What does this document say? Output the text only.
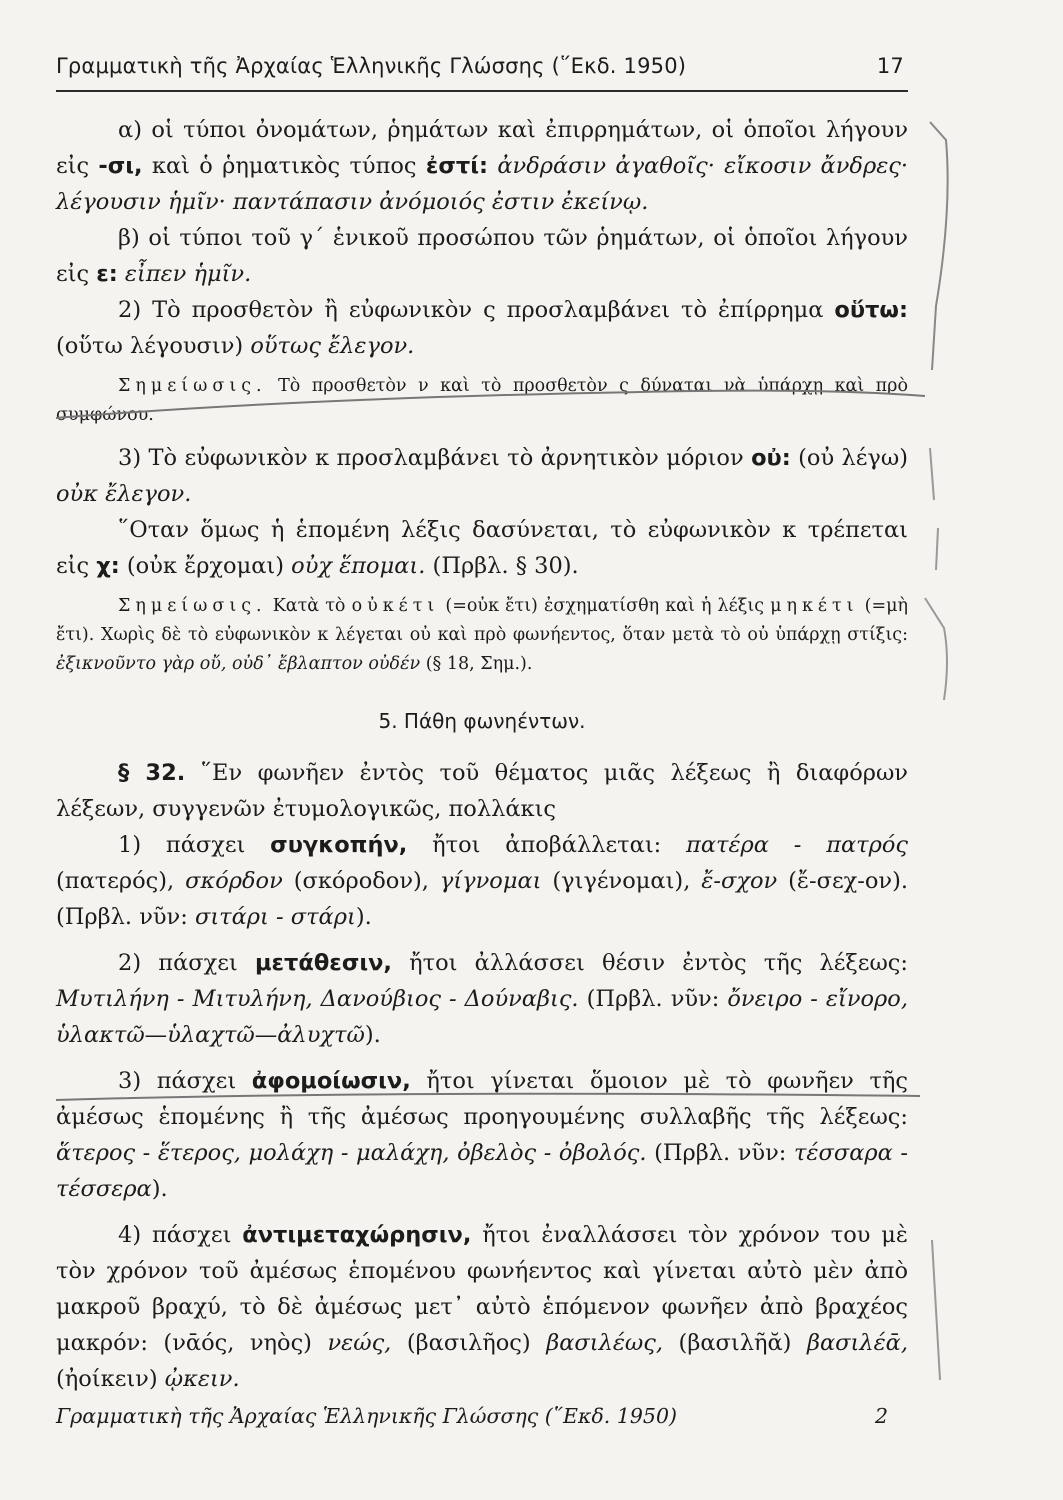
Γραμματικὴ τῆς Ἀρχαίας Ἑλληνικῆς Γλώσσης (῞Εκδ. 1950)	17

α) οἱ τύποι ὀνομάτων, ῥημάτων καὶ ἐπιρρημάτων, οἱ ὁποῖοι λήγουν εἰς -σι, καὶ ὁ ῥηματικὸς τύπος ἐστί: ἀνδράσιν ἀγαθοῖς· εἴκοσιν ἄνδρες· λέγουσιν ἡμῖν· παντάπασιν ἀνόμοιός ἐστιν ἐκείνῳ.

β) οἱ τύποι τοῦ γ΄ ἑνικοῦ προσώπου τῶν ῥημάτων, οἱ ὁποῖοι λήγουν εἰς ε: εἶπεν ἡμῖν.

2) Τὸ προσθετὸν ἢ εὐφωνικὸν ς προσλαμβάνει τὸ ἐπίρρημα οὕτω: (οὕτω λέγουσιν) οὕτως ἔλεγον.

Σημείωσις. Τὸ προσθετὸν ν καὶ τὸ προσθετὸν ς δύναται νὰ ὑπάρχῃ καὶ πρὸ συμφώνου.

3) Τὸ εὐφωνικὸν κ προσλαμβάνει τὸ ἀρνητικὸν μόριον οὐ: (οὐ λέγω) οὐκ ἔλεγον.

῞Οταν ὅμως ἡ ἑπομένη λέξις δασύνεται, τὸ εὐφωνικὸν κ τρέπεται εἰς χ: (οὐκ ἔρχομαι) οὐχ ἕπομαι. (Πρβλ. § 30).

Σημείωσις. Κατὰ τὸ οὐκέτι (=οὐκ ἔτι) ἐσχηματίσθη καὶ ἡ λέξις μηκέτι (=μὴ ἔτι). Χωρὶς δὲ τὸ εὐφωνικὸν κ λέγεται οὐ καὶ πρὸ φωνήεντος, ὅταν μετὰ τὸ οὐ ὑπάρχῃ στίξις: ἐξικνοῦντο γὰρ οὔ, οὐδ᾽ ἔβλαπτον οὐδέν (§ 18, Σημ.).

5. Πάθη φωνηέντων.

§ 32. ῞Εν φωνῆεν ἐντὸς τοῦ θέματος μιᾶς λέξεως ἢ διαφόρων λέξεων, συγγενῶν ἐτυμολογικῶς, πολλάκις

1) πάσχει συγκοπήν, ἤτοι ἀποβάλλεται: πατέρα - πατρός (πατερός), σκόρδον (σκόροδον), γίγνομαι (γιγένομαι), ἔ-σχον (ἔ-σεχ-ον). (Πρβλ. νῦν: σιτάρι - στάρι).

2) πάσχει μετάθεσιν, ἤτοι ἀλλάσσει θέσιν ἐντὸς τῆς λέξεως: Μυτιλήνη - Μιτυλήνη, Δανούβιος - Δούναβις. (Πρβλ. νῦν: ὄνειρο - εἴνορο, ὑλακτῶ—ὑλαχτῶ—ἀλυχτῶ).

3) πάσχει ἀφομοίωσιν, ἤτοι γίνεται ὅμοιον μὲ τὸ φωνῆεν τῆς ἀμέσως ἑπομένης ἢ τῆς ἀμέσως προηγουμένης συλλαβῆς τῆς λέξεως: ἅτερος - ἕτερος, μολάχη - μαλάχη, ὀβελὸς - ὀβολός. (Πρβλ. νῦν: τέσσαρα - τέσσερα).

4) πάσχει ἀντιμεταχώρησιν, ἤτοι ἐναλλάσσει τὸν χρόνον του μὲ τὸν χρόνον τοῦ ἀμέσως ἑπομένου φωνήεντος καὶ γίνεται αὐτὸ μὲν ἀπὸ μακροῦ βραχύ, τὸ δὲ ἀμέσως μετ᾽ αὐτὸ ἑπόμενον φωνῆεν ἀπὸ βραχέος μακρόν: (νᾱός, νηὸς) νεώς, (βασιλῆος) βασιλέως, (βασιλῆᾰ) βασιλέᾱ, (ἠοίκειν) ᾠκειν.

Γραμματικὴ τῆς Ἀρχαίας Ἑλληνικῆς Γλώσσης (῞Εκδ. 1950)	2
